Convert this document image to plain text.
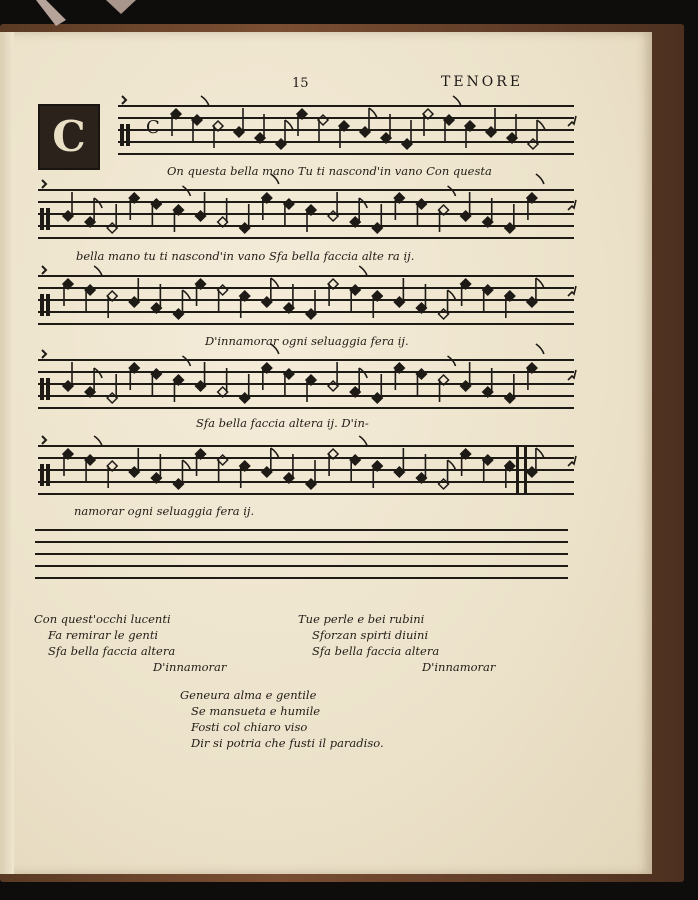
15	TENORE
C	C
On questa bella mano Tu ti nascond'in vano Con questa
bella mano tu ti nascond'in vano Sfa bella faccia alte ra ij.
D'innamorar ogni seluaggia fera ij.
Sfa bella faccia altera ij. D'in-
namorar ogni seluaggia fera ij.
Con quest'occhi lucenti
Fa remirar le genti
Sfa bella faccia altera
D'innamorar
Tue perle e bei rubini
Sforzan spirti diuini
Sfa bella faccia altera
D'innamorar
Geneura alma e gentile
Se mansueta e humile
Fosti col chiaro viso
Dir si potria che fusti il paradiso.
